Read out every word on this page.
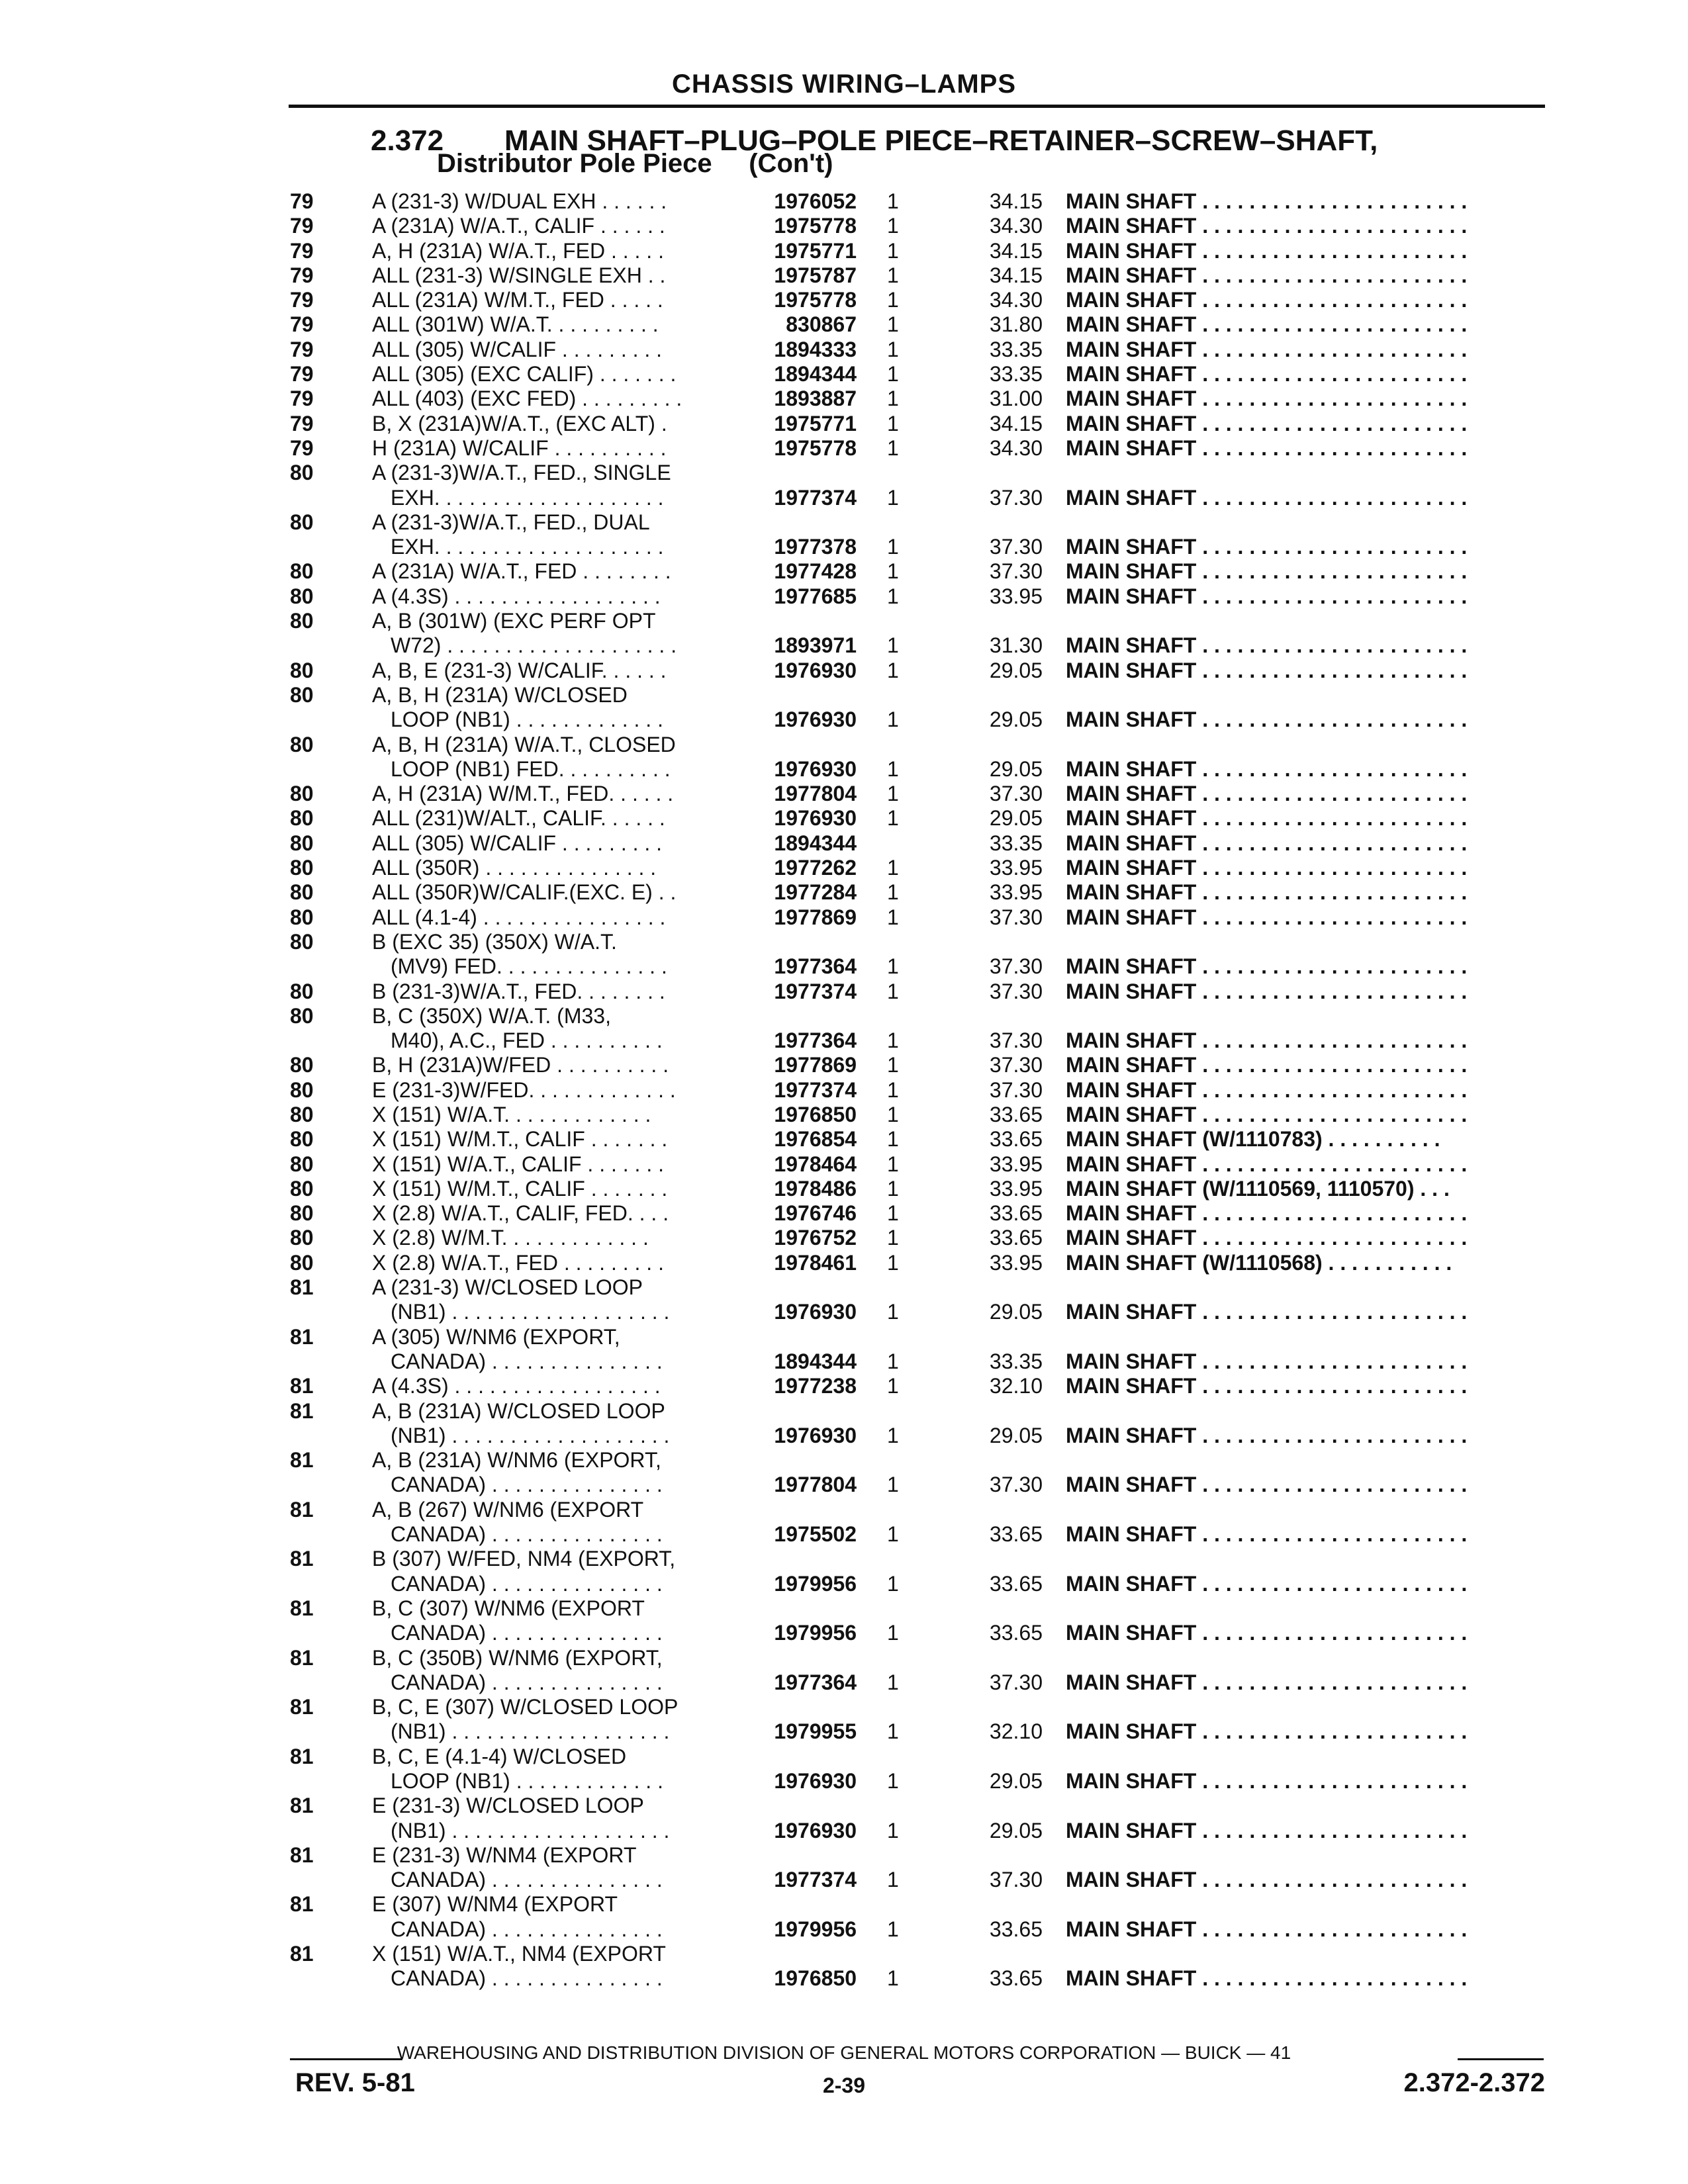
CHASSIS WIRING–LAMPS
2.372 MAIN SHAFT–PLUG–POLE PIECE–RETAINER–SCREW–SHAFT,
Distributor Pole Piece     (Con't)
79	A (231-3) W/DUAL EXH . . . . . .	1976052 1	34.15 MAIN SHAFT . . . . . . . . . . . . . . . . . . . . . . .
79	A (231A) W/A.T., CALIF . . . . . .	1975778 1	34.30 MAIN SHAFT . . . . . . . . . . . . . . . . . . . . . . .
79	A, H (231A) W/A.T., FED . . . . .	1975771 1	34.15 MAIN SHAFT . . . . . . . . . . . . . . . . . . . . . . .
79	ALL (231-3) W/SINGLE EXH . .	1975787 1	34.15 MAIN SHAFT . . . . . . . . . . . . . . . . . . . . . . .
79	ALL (231A) W/M.T., FED . . . . .	1975778 1	34.30 MAIN SHAFT . . . . . . . . . . . . . . . . . . . . . . .
79	ALL (301W) W/A.T. . . . . . . . . .	830867 1	31.80 MAIN SHAFT . . . . . . . . . . . . . . . . . . . . . . .
79	ALL (305) W/CALIF . . . . . . . . .	1894333 1	33.35 MAIN SHAFT . . . . . . . . . . . . . . . . . . . . . . .
79	ALL (305) (EXC CALIF) . . . . . . .	1894344 1	33.35 MAIN SHAFT . . . . . . . . . . . . . . . . . . . . . . .
79	ALL (403) (EXC FED) . . . . . . . . .	1893887 1	31.00 MAIN SHAFT . . . . . . . . . . . . . . . . . . . . . . .
79	B, X (231A)W/A.T., (EXC ALT) .	1975771 1	34.15 MAIN SHAFT . . . . . . . . . . . . . . . . . . . . . . .
79	H (231A) W/CALIF . . . . . . . . . .	1975778 1	34.30 MAIN SHAFT . . . . . . . . . . . . . . . . . . . . . . .
80	A (231-3)W/A.T., FED., SINGLE
EXH. . . . . . . . . . . . . . . . . . . .	1977374 1	37.30 MAIN SHAFT . . . . . . . . . . . . . . . . . . . . . . .
80	A (231-3)W/A.T., FED., DUAL
EXH. . . . . . . . . . . . . . . . . . . .	1977378 1	37.30 MAIN SHAFT . . . . . . . . . . . . . . . . . . . . . . .
80	A (231A) W/A.T., FED . . . . . . . .	1977428 1	37.30 MAIN SHAFT . . . . . . . . . . . . . . . . . . . . . . .
80	A (4.3S) . . . . . . . . . . . . . . . . . .	1977685 1	33.95 MAIN SHAFT . . . . . . . . . . . . . . . . . . . . . . .
80	A, B (301W) (EXC PERF OPT
W72) . . . . . . . . . . . . . . . . . . . .	1893971 1	31.30 MAIN SHAFT . . . . . . . . . . . . . . . . . . . . . . .
80	A, B, E (231-3) W/CALIF. . . . . .	1976930 1	29.05 MAIN SHAFT . . . . . . . . . . . . . . . . . . . . . . .
80	A, B, H (231A) W/CLOSED
LOOP (NB1) . . . . . . . . . . . . .	1976930 1	29.05 MAIN SHAFT . . . . . . . . . . . . . . . . . . . . . . .
80	A, B, H (231A) W/A.T., CLOSED
LOOP (NB1) FED. . . . . . . . . .	1976930 1	29.05 MAIN SHAFT . . . . . . . . . . . . . . . . . . . . . . .
80	A, H (231A) W/M.T., FED. . . . . .	1977804 1	37.30 MAIN SHAFT . . . . . . . . . . . . . . . . . . . . . . .
80	ALL (231)W/ALT., CALIF. . . . . .	1976930 1	29.05 MAIN SHAFT . . . . . . . . . . . . . . . . . . . . . . .
80	ALL (305) W/CALIF . . . . . . . . .	1894344	33.35 MAIN SHAFT . . . . . . . . . . . . . . . . . . . . . . .
80	ALL (350R) . . . . . . . . . . . . . . .	1977262 1	33.95 MAIN SHAFT . . . . . . . . . . . . . . . . . . . . . . .
80	ALL (350R)W/CALIF.(EXC. E) . .	1977284 1	33.95 MAIN SHAFT . . . . . . . . . . . . . . . . . . . . . . .
80	ALL (4.1-4) . . . . . . . . . . . . . . . .	1977869 1	37.30 MAIN SHAFT . . . . . . . . . . . . . . . . . . . . . . .
80	B (EXC 35) (350X) W/A.T.
(MV9) FED. . . . . . . . . . . . . . .	1977364 1	37.30 MAIN SHAFT . . . . . . . . . . . . . . . . . . . . . . .
80	B (231-3)W/A.T., FED. . . . . . . .	1977374 1	37.30 MAIN SHAFT . . . . . . . . . . . . . . . . . . . . . . .
80	B, C (350X) W/A.T. (M33,
M40), A.C., FED . . . . . . . . . .	1977364 1	37.30 MAIN SHAFT . . . . . . . . . . . . . . . . . . . . . . .
80	B, H (231A)W/FED . . . . . . . . . .	1977869 1	37.30 MAIN SHAFT . . . . . . . . . . . . . . . . . . . . . . .
80	E (231-3)W/FED. . . . . . . . . . . . .	1977374 1	37.30 MAIN SHAFT . . . . . . . . . . . . . . . . . . . . . . .
80	X (151) W/A.T. . . . . . . . . . . . .	1976850 1	33.65 MAIN SHAFT . . . . . . . . . . . . . . . . . . . . . . .
80	X (151) W/M.T., CALIF . . . . . . .	1976854 1	33.65 MAIN SHAFT (W/1110783) . . . . . . . . . .
80	X (151) W/A.T., CALIF . . . . . . .	1978464 1	33.95 MAIN SHAFT . . . . . . . . . . . . . . . . . . . . . . .
80	X (151) W/M.T., CALIF . . . . . . .	1978486 1	33.95 MAIN SHAFT (W/1110569, 1110570) . . .
80	X (2.8) W/A.T., CALIF, FED. . . .	1976746 1	33.65 MAIN SHAFT . . . . . . . . . . . . . . . . . . . . . . .
80	X (2.8) W/M.T. . . . . . . . . . . . .	1976752 1	33.65 MAIN SHAFT . . . . . . . . . . . . . . . . . . . . . . .
80	X (2.8) W/A.T., FED . . . . . . . . .	1978461 1	33.95 MAIN SHAFT (W/1110568) . . . . . . . . . . .
81	A (231-3) W/CLOSED LOOP
(NB1) . . . . . . . . . . . . . . . . . . .	1976930 1	29.05 MAIN SHAFT . . . . . . . . . . . . . . . . . . . . . . .
81	A (305) W/NM6 (EXPORT,
CANADA) . . . . . . . . . . . . . . .	1894344 1	33.35 MAIN SHAFT . . . . . . . . . . . . . . . . . . . . . . .
81	A (4.3S) . . . . . . . . . . . . . . . . . .	1977238 1	32.10 MAIN SHAFT . . . . . . . . . . . . . . . . . . . . . . .
81	A, B (231A) W/CLOSED LOOP
(NB1) . . . . . . . . . . . . . . . . . . .	1976930 1	29.05 MAIN SHAFT . . . . . . . . . . . . . . . . . . . . . . .
81	A, B (231A) W/NM6 (EXPORT,
CANADA) . . . . . . . . . . . . . . .	1977804 1	37.30 MAIN SHAFT . . . . . . . . . . . . . . . . . . . . . . .
81	A, B (267) W/NM6 (EXPORT
CANADA) . . . . . . . . . . . . . . .	1975502 1	33.65 MAIN SHAFT . . . . . . . . . . . . . . . . . . . . . . .
81	B (307) W/FED, NM4 (EXPORT,
CANADA) . . . . . . . . . . . . . . .	1979956 1	33.65 MAIN SHAFT . . . . . . . . . . . . . . . . . . . . . . .
81	B, C (307) W/NM6 (EXPORT
CANADA) . . . . . . . . . . . . . . .	1979956 1	33.65 MAIN SHAFT . . . . . . . . . . . . . . . . . . . . . . .
81	B, C (350B) W/NM6 (EXPORT,
CANADA) . . . . . . . . . . . . . . .	1977364 1	37.30 MAIN SHAFT . . . . . . . . . . . . . . . . . . . . . . .
81	B, C, E (307) W/CLOSED LOOP
(NB1) . . . . . . . . . . . . . . . . . . .	1979955 1	32.10 MAIN SHAFT . . . . . . . . . . . . . . . . . . . . . . .
81	B, C, E (4.1-4) W/CLOSED
LOOP (NB1) . . . . . . . . . . . . .	1976930 1	29.05 MAIN SHAFT . . . . . . . . . . . . . . . . . . . . . . .
81	E (231-3) W/CLOSED LOOP
(NB1) . . . . . . . . . . . . . . . . . . .	1976930 1	29.05 MAIN SHAFT . . . . . . . . . . . . . . . . . . . . . . .
81	E (231-3) W/NM4 (EXPORT
CANADA) . . . . . . . . . . . . . . .	1977374 1	37.30 MAIN SHAFT . . . . . . . . . . . . . . . . . . . . . . .
81	E (307) W/NM4 (EXPORT
CANADA) . . . . . . . . . . . . . . .	1979956 1	33.65 MAIN SHAFT . . . . . . . . . . . . . . . . . . . . . . .
81	X (151) W/A.T., NM4 (EXPORT
CANADA) . . . . . . . . . . . . . . .	1976850 1	33.65 MAIN SHAFT . . . . . . . . . . . . . . . . . . . . . . .
WAREHOUSING AND DISTRIBUTION DIVISION OF GENERAL MOTORS CORPORATION — BUICK — 41
REV. 5-81	2-39	2.372-2.372
